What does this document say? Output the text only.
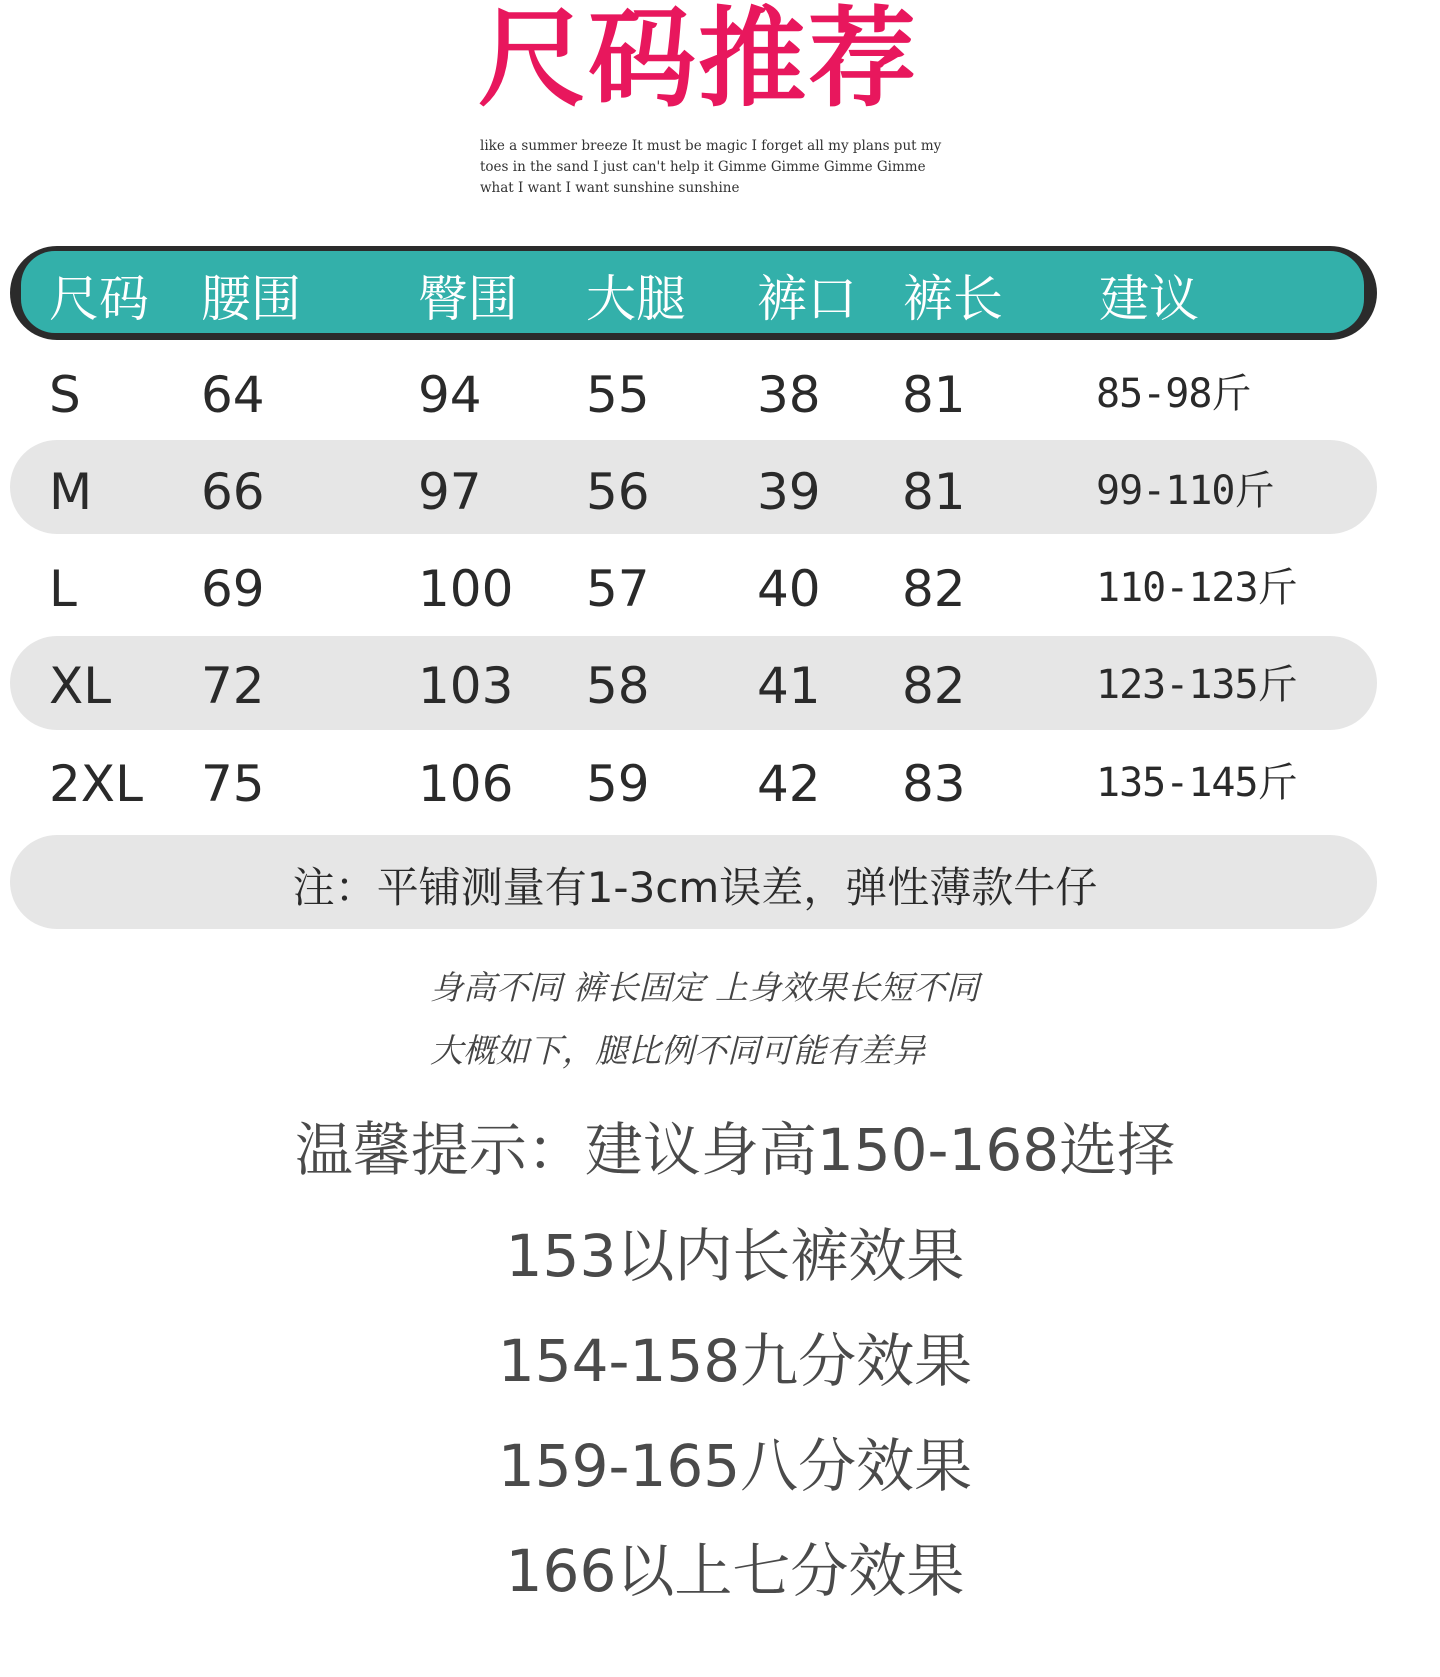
尺码推荐
like a summer breeze It must be magic I forget all my plans put my
toes in the sand I just can't help it Gimme Gimme Gimme Gimme
what I want I want sunshine sunshine
尺码 腰围 臀围 大腿 裤口 裤长 建议
S 64	94 55 38 81	85-98斤
M 66	97 56 39 81	99-110斤
L 69	100 57 40 82	110-123斤
XL 72	103 58 41 82	123-135斤
2XL 75	106 59 42 83	135-145斤
注：平铺测量有1-3cm误差，弹性薄款牛仔
身高不同 裤长固定 上身效果长短不同
大概如下，腿比例不同可能有差异
温馨提示：建议身高150-168选择
153以内长裤效果
154-158九分效果
159-165八分效果
166以上七分效果
